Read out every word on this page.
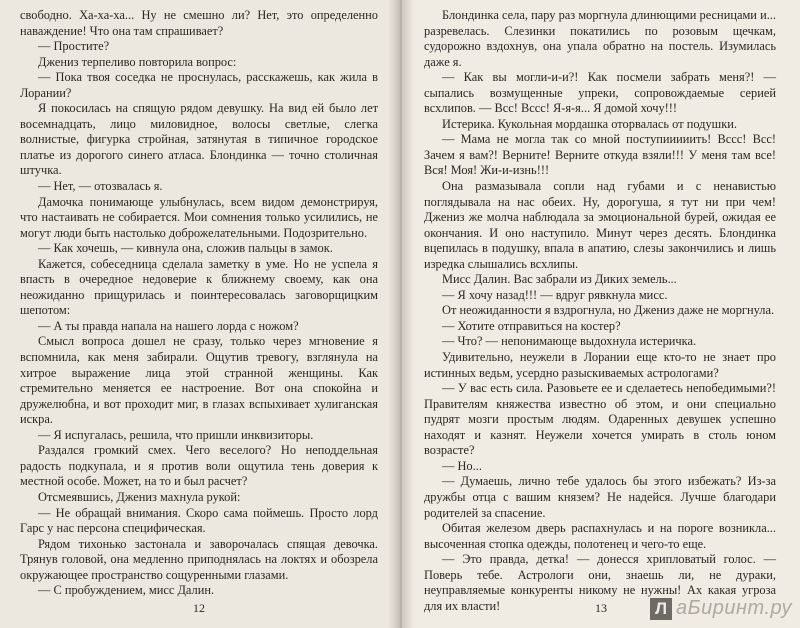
свободно. Ха-ха-ха... Ну не смешно ли? Нет, это определенно наваждение! Что она там спрашивает?

— Простите?

Джениз терпеливо повторила вопрос:

— Пока твоя соседка не проснулась, расскажешь, как жила в Лорании?

Я покосилась на спящую рядом девушку. На вид ей было лет восемнадцать, лицо миловидное, волосы светлые, слегка волнистые, фигурка стройная, затянутая в типичное городское платье из дорогого синего атласа. Блондинка — точно столичная штучка.

— Нет, — отозвалась я.

Дамочка понимающе улыбнулась, всем видом демонстрируя, что настаивать не собирается. Мои сомнения только усилились, не могут люди быть настолько доброжелательными. Подозрительно.

— Как хочешь, — кивнула она, сложив пальцы в замок.

Кажется, собеседница сделала заметку в уме. Но не успела я впасть в очередное недоверие к ближнему своему, как она неожиданно прищурилась и поинтересовалась заговорщицким шепотом:

— А ты правда напала на нашего лорда с ножом?

Смысл вопроса дошел не сразу, только через мгновение я вспомнила, как меня забирали. Ощутив тревогу, взглянула на хитрое выражение лица этой странной женщины. Как стремительно меняется ее настроение. Вот она спокойна и дружелюбна, и вот проходит миг, в глазах вспыхивает хулиганская искра.

— Я испугалась, решила, что пришли инквизиторы.

Раздался громкий смех. Чего веселого? Но неподдельная радость подкупала, и я против воли ощутила тень доверия к местной особе. Может, на то и был расчет?

Отсмеявшись, Джениз махнула рукой:

— Не обращай внимания. Скоро сама поймешь. Просто лорд Гарс у нас персона специфическая.

Рядом тихонько застонала и заворочалась спящая девочка. Трянув головой, она медленно приподнялась на локтях и обозрела окружающее пространство сощуренными глазами.

— С пробуждением, мисс Далин.

12

Блондинка села, пару раз моргнула длинющими ресницами и... разревелась. Слезинки покатились по розовым щечкам, судорожно вздохнув, она упала обратно на постель. Изумилась даже я.

— Как вы могли-и-и?! Как посмели забрать меня?! — сыпались возмущенные упреки, сопровождаемые серией всхлипов. — Всс! Вссс! Я-я-я... Я домой хочу!!!

Истерика. Кукольная мордашка оторвалась от подушки.

— Мама не могла так со мной поступииииить! Вссс! Всс! Зачем я вам?! Верните! Верните откуда взяли!!! У меня там все! Вся! Моя! Жи-и-изнь!!!

Она размазывала сопли над губами и с ненавистью поглядывала на нас обеих. Ну, дорогуша, я тут ни при чем! Джениз же молча наблюдала за эмоциональной бурей, ожидая ее окончания. И оно наступило. Минут через десять. Блондинка вцепилась в подушку, впала в апатию, слезы закончились и лишь изредка слышались всхлипы.

Мисс Далин. Вас забрали из Диких земель...

— Я хочу назад!!! — вдруг рявкнула мисс.

От неожиданности я вздрогнула, но Джениз даже не моргнула.

— Хотите отправиться на костер?

— Что? — непонимающе выдохнула истеричка.

Удивительно, неужели в Лорании еще кто-то не знает про истинных ведьм, усердно разыскиваемых астрологами?

— У вас есть сила. Разовьете ее и сделаетесь непобедимыми?! Правителям княжества известно об этом, и они специально пудрят мозги простым людям. Одаренных девушек успешно находят и казнят. Неужели хочется умирать в столь юном возрасте?

— Но...

— Думаешь, лично тебе удалось бы этого избежать? Из-за дружбы отца с вашим князем? Не надейся. Лучше благодари родителей за спасение.

Обитая железом дверь распахнулась и на пороге возникла... высоченная стопка одежды, полотенец и чего-то еще.

— Это правда, детка! — донесся хрипловатый голос. — Поверь тебе. Астрологи они, знаешь ли, не дураки, неуправляемые конкуренты никому не нужны! Ах какая угроза для их власти!	13	Л аБиринт.ру
